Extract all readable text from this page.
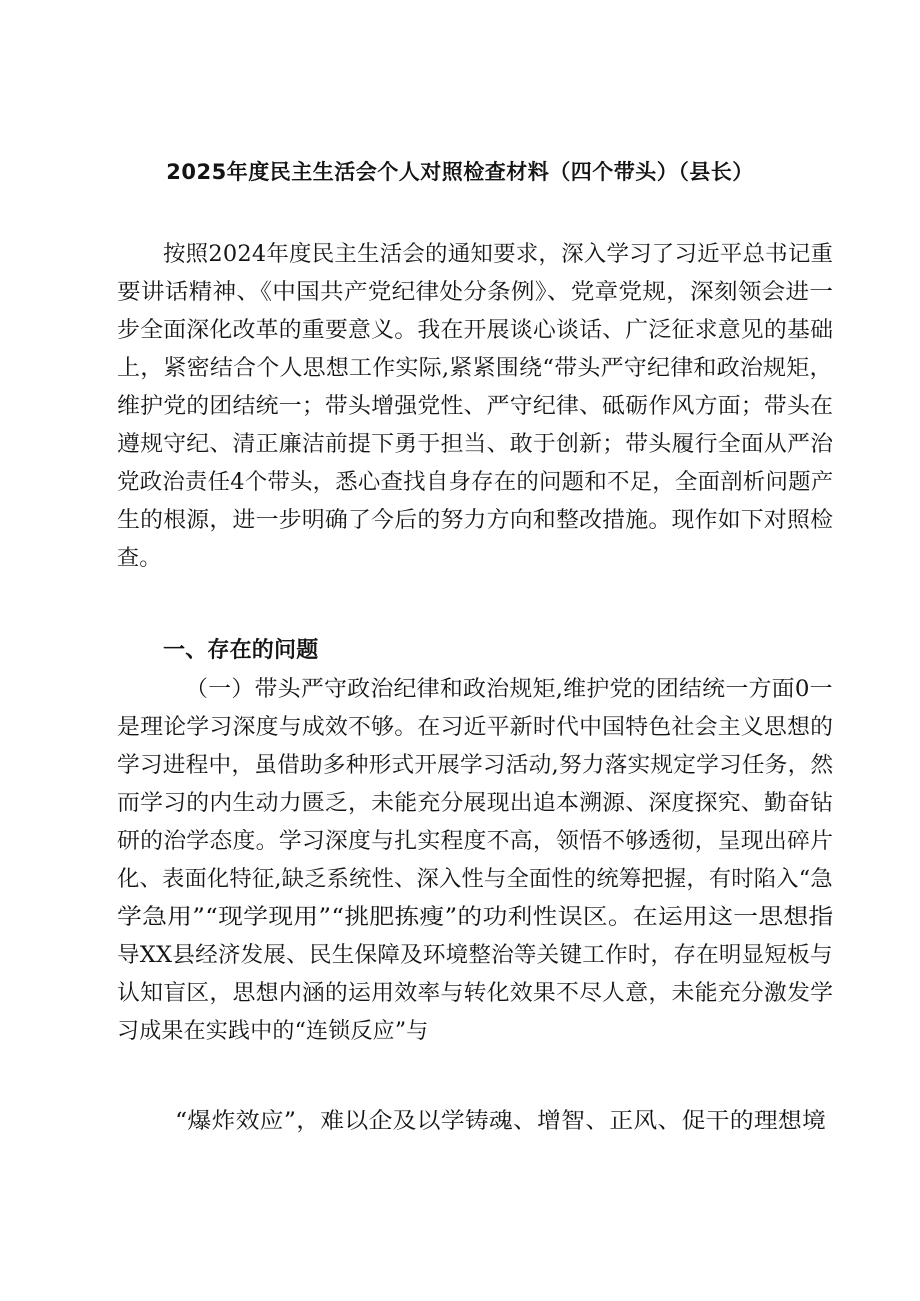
2025年度民主生活会个人对照检查材料（四个带头）（县长）
按照2024年度民主生活会的通知要求，深入学习了习近平总书记重
要讲话精神、《中国共产党纪律处分条例》、党章党规，深刻领会进一
步全面深化改革的重要意义。我在开展谈心谈话、广泛征求意见的基础
上，紧密结合个人思想工作实际,紧紧围绕“带头严守纪律和政治规矩，
维护党的团结统一；带头增强党性、严守纪律、砥砺作风方面；带头在
遵规守纪、清正廉洁前提下勇于担当、敢于创新；带头履行全面从严治
党政治责任4个带头，悉心查找自身存在的问题和不足，全面剖析问题产
生的根源，进一步明确了今后的努力方向和整改措施。现作如下对照检
查。
一、存在的问题
（一）带头严守政治纪律和政治规矩,维护党的团结统一方面0一
是理论学习深度与成效不够。在习近平新时代中国特色社会主义思想的
学习进程中，虽借助多种形式开展学习活动,努力落实规定学习任务，然
而学习的内生动力匮乏，未能充分展现出追本溯源、深度探究、勤奋钻
研的治学态度。学习深度与扎实程度不高，领悟不够透彻，呈现出碎片
化、表面化特征,缺乏系统性、深入性与全面性的统筹把握，有时陷入“急
学急用”“现学现用”“挑肥拣瘦”的功利性误区。在运用这一思想指
导XX县经济发展、民生保障及环境整治等关键工作时，存在明显短板与
认知盲区，思想内涵的运用效率与转化效果不尽人意，未能充分激发学
习成果在实践中的“连锁反应”与
“爆炸效应”，难以企及以学铸魂、增智、正风、促干的理想境
